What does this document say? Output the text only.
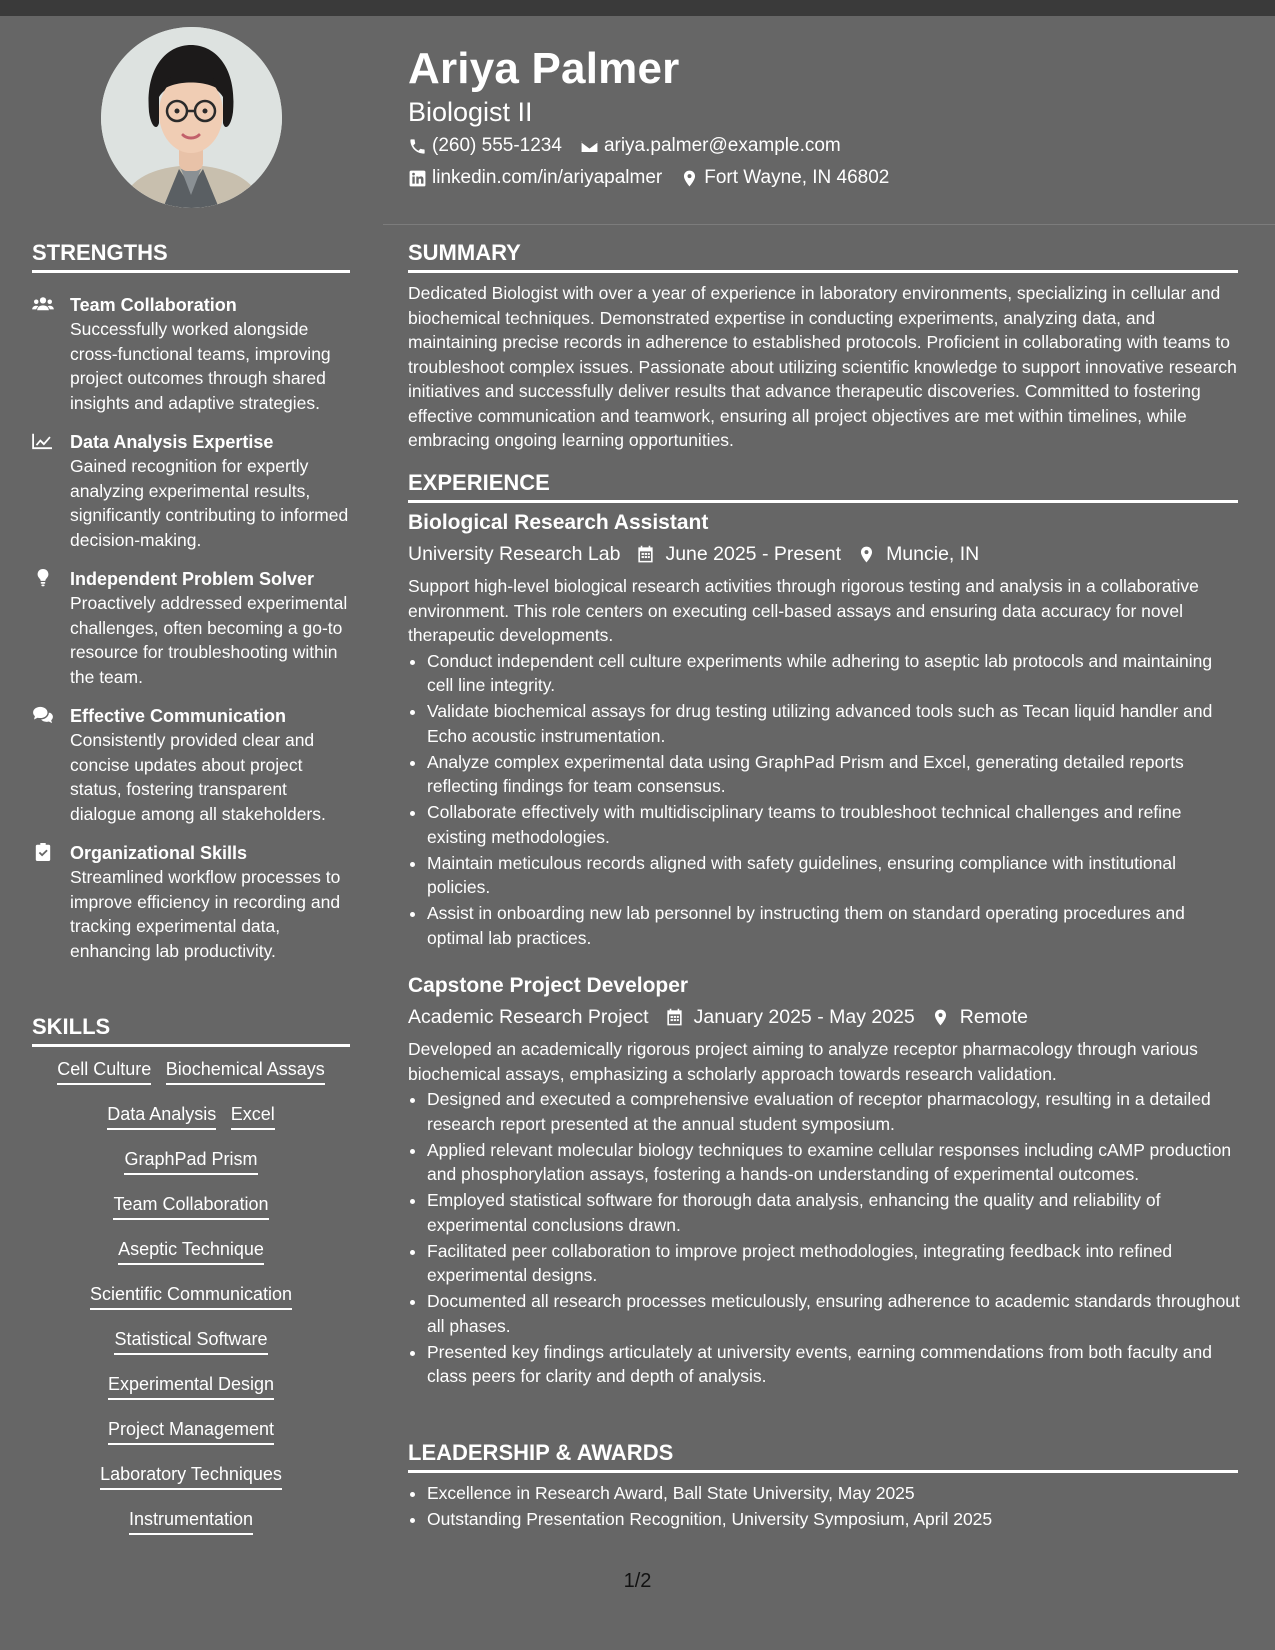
Ariya Palmer

Biologist II

(260) 555-1234 ariya.palmer@example.com
linkedin.com/in/ariyapalmer Fort Wayne, IN 46802
STRENGTHS
Team Collaboration
Successfully worked alongside cross-functional teams, improving project outcomes through shared insights and adaptive strategies.
Data Analysis Expertise
Gained recognition for expertly analyzing experimental results, significantly contributing to informed decision-making.
Independent Problem Solver
Proactively addressed experimental challenges, often becoming a go-to resource for troubleshooting within the team.
Effective Communication
Consistently provided clear and concise updates about project status, fostering transparent dialogue among all stakeholders.
Organizational Skills
Streamlined workflow processes to improve efficiency in recording and tracking experimental data, enhancing lab productivity.
SKILLS
Cell Culture Biochemical Assays
Data Analysis Excel
GraphPad Prism
Team Collaboration
Aseptic Technique
Scientific Communication
Statistical Software
Experimental Design
Project Management
Laboratory Techniques
Instrumentation
SUMMARY

Dedicated Biologist with over a year of experience in laboratory environments, specializing in cellular and biochemical techniques. Demonstrated expertise in conducting experiments, analyzing data, and maintaining precise records in adherence to established protocols. Proficient in collaborating with teams to troubleshoot complex issues. Passionate about utilizing scientific knowledge to support innovative research initiatives and successfully deliver results that advance therapeutic discoveries. Committed to fostering effective communication and teamwork, ensuring all project objectives are met within timelines, while embracing ongoing learning opportunities.

EXPERIENCE
Biological Research Assistant
University Research Lab June 2025 - Present Muncie, IN

Support high-level biological research activities through rigorous testing and analysis in a collaborative environment. This role centers on executing cell-based assays and ensuring data accuracy for novel therapeutic developments.

• Conduct independent cell culture experiments while adhering to aseptic lab protocols and maintaining cell line integrity.
• Validate biochemical assays for drug testing utilizing advanced tools such as Tecan liquid handler and Echo acoustic instrumentation.
• Analyze complex experimental data using GraphPad Prism and Excel, generating detailed reports reflecting findings for team consensus.
• Collaborate effectively with multidisciplinary teams to troubleshoot technical challenges and refine existing methodologies.
• Maintain meticulous records aligned with safety guidelines, ensuring compliance with institutional policies.
• Assist in onboarding new lab personnel by instructing them on standard operating procedures and optimal lab practices.
Capstone Project Developer
Academic Research Project January 2025 - May 2025 Remote

Developed an academically rigorous project aiming to analyze receptor pharmacology through various biochemical assays, emphasizing a scholarly approach towards research validation.

• Designed and executed a comprehensive evaluation of receptor pharmacology, resulting in a detailed research report presented at the annual student symposium.
• Applied relevant molecular biology techniques to examine cellular responses including cAMP production and phosphorylation assays, fostering a hands-on understanding of experimental outcomes.
• Employed statistical software for thorough data analysis, enhancing the quality and reliability of experimental conclusions drawn.
• Facilitated peer collaboration to improve project methodologies, integrating feedback into refined experimental designs.
• Documented all research processes meticulously, ensuring adherence to academic standards throughout all phases.
• Presented key findings articulately at university events, earning commendations from both faculty and class peers for clarity and depth of analysis.
LEADERSHIP & AWARDS
• Excellence in Research Award, Ball State University, May 2025
• Outstanding Presentation Recognition, University Symposium, April 2025
1/2
